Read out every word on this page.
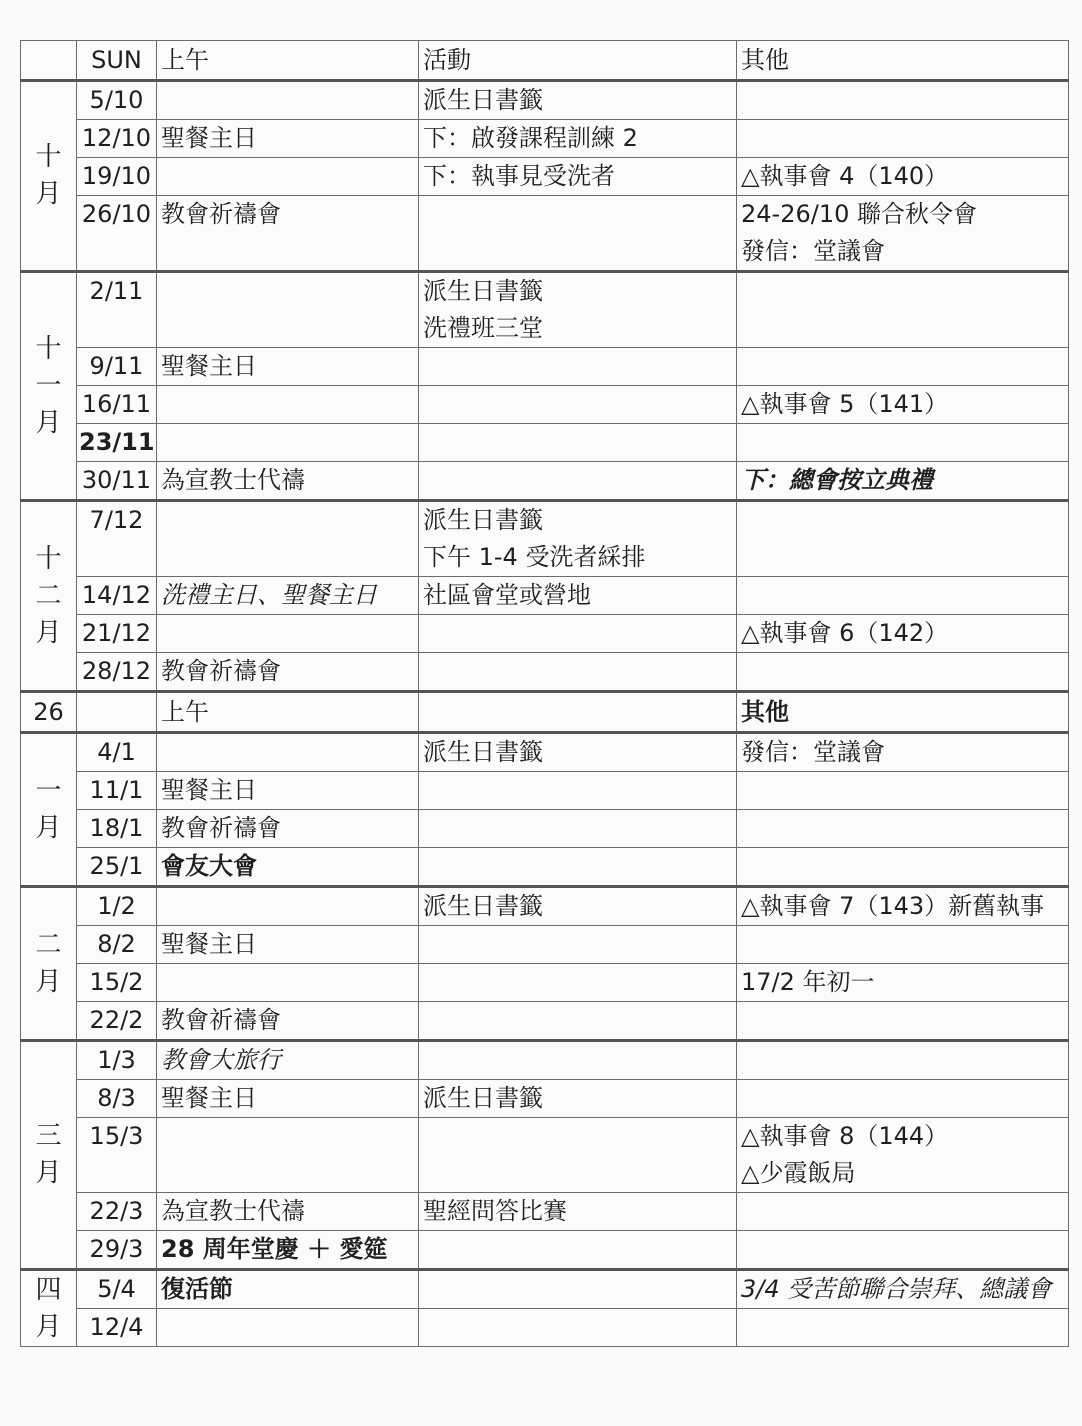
	SUN	上午	活動	其他

十
月	5/10		派生日書籤	
	12/10	聖餐主日	下：啟發課程訓練 2	
	19/10		下：執事見受洗者	△執事會 4（140）
	26/10	教會祈禱會		24-26/10 聯合秋令會
				發信：堂議會

十
一
月	2/11		派生日書籤	
			洗禮班三堂	
	9/11	聖餐主日		
	16/11			△執事會 5（141）
	23/11			
	30/11	為宣教士代禱		下：總會按立典禮

十
二
月	7/12		派生日書籤	
			下午 1-4 受洗者綵排	
	14/12	洗禮主日、聖餐主日	社區會堂或營地	
	21/12			△執事會 6（142）
	28/12	教會祈禱會		
26		上午		其他

一
月	4/1		派生日書籤	發信：堂議會
	11/1	聖餐主日		
	18/1	教會祈禱會		
	25/1	會友大會		

二
月	1/2		派生日書籤	△執事會 7（143）新舊執事
	8/2	聖餐主日		
	15/2			17/2 年初一
	22/2	教會祈禱會		

三
月	1/3	教會大旅行		
	8/3	聖餐主日	派生日書籤	
	15/3			△執事會 8（144）
				△少霞飯局
	22/3	為宣教士代禱	聖經問答比賽	
	29/3	28 周年堂慶 ＋ 愛筵		

四
月	5/4	復活節		3/4 受苦節聯合崇拜、總議會
	12/4			
